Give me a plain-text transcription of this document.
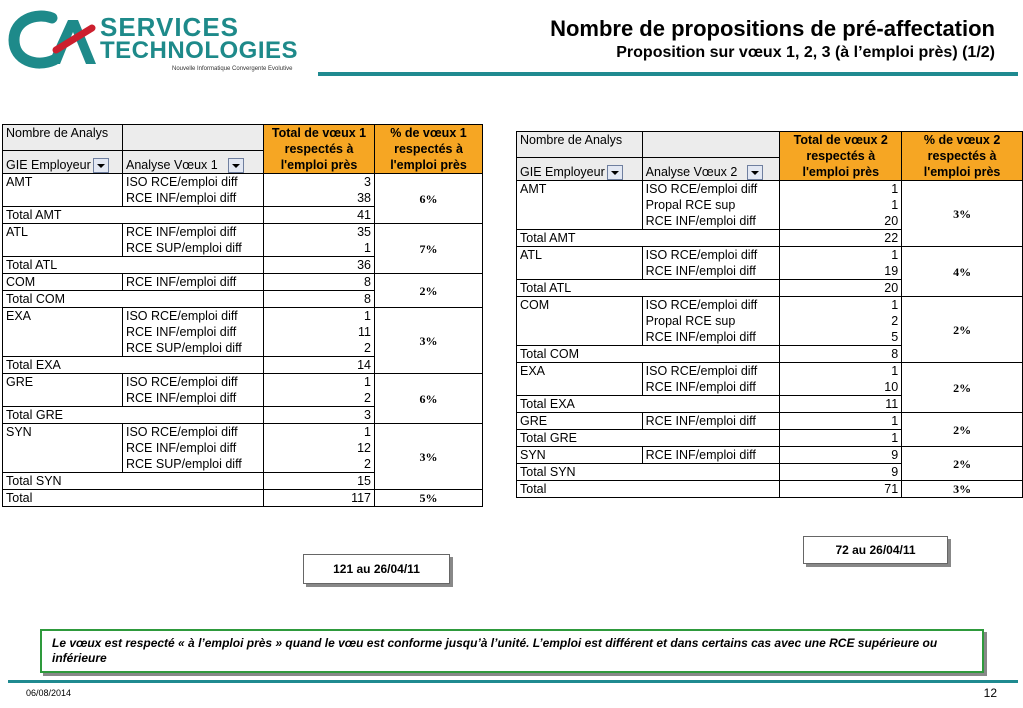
SERVICES
TECHNOLOGIES
Nouvelle Informatique Convergente Evolutive
Nombre de propositions de pré-affectation
Proposition sur vœux 1, 2, 3 (à l’emploi près) (1/2)
Nombre de Analys		Total de vœux 1 respectés à l'emploi près	% de vœux 1 respectés à l'emploi près
GIE Employeur	Analyse Vœux 1		
AMT	ISO RCE/emploi diff	3	6%
	RCE INF/emploi diff	38	
Total AMT		41	
ATL	RCE INF/emploi diff	35	7%
	RCE SUP/emploi diff	1	
Total ATL		36	
COM	RCE INF/emploi diff	8	2%
Total COM		8	
EXA	ISO RCE/emploi diff	1	3%
	RCE INF/emploi diff	11	
	RCE SUP/emploi diff	2	
Total EXA		14	
GRE	ISO RCE/emploi diff	1	6%
	RCE INF/emploi diff	2	
Total GRE		3	
SYN	ISO RCE/emploi diff	1	3%
	RCE INF/emploi diff	12	
	RCE SUP/emploi diff	2	
Total SYN		15	
Total		117	5%
Nombre de Analys		Total de vœux 2 respectés à l'emploi près	% de vœux 2 respectés à l'emploi près
GIE Employeur	Analyse Vœux 2		
AMT	ISO RCE/emploi diff	1	3%
	Propal RCE sup	1	
	RCE INF/emploi diff	20	
Total AMT		22	
ATL	ISO RCE/emploi diff	1	4%
	RCE INF/emploi diff	19	
Total ATL		20	
COM	ISO RCE/emploi diff	1	2%
	Propal RCE sup	2	
	RCE INF/emploi diff	5	
Total COM		8	
EXA	ISO RCE/emploi diff	1	2%
	RCE INF/emploi diff	10	
Total EXA		11	
GRE	RCE INF/emploi diff	1	2%
Total GRE		1	
SYN	RCE INF/emploi diff	9	2%
Total SYN		9	
Total		71	3%
121 au 26/04/11
72 au 26/04/11
Le vœux est respecté « à l’emploi près » quand le vœu est conforme jusqu’à l’unité. L’emploi est différent et dans certains cas avec une RCE supérieure ou inférieure
06/08/2014	12
